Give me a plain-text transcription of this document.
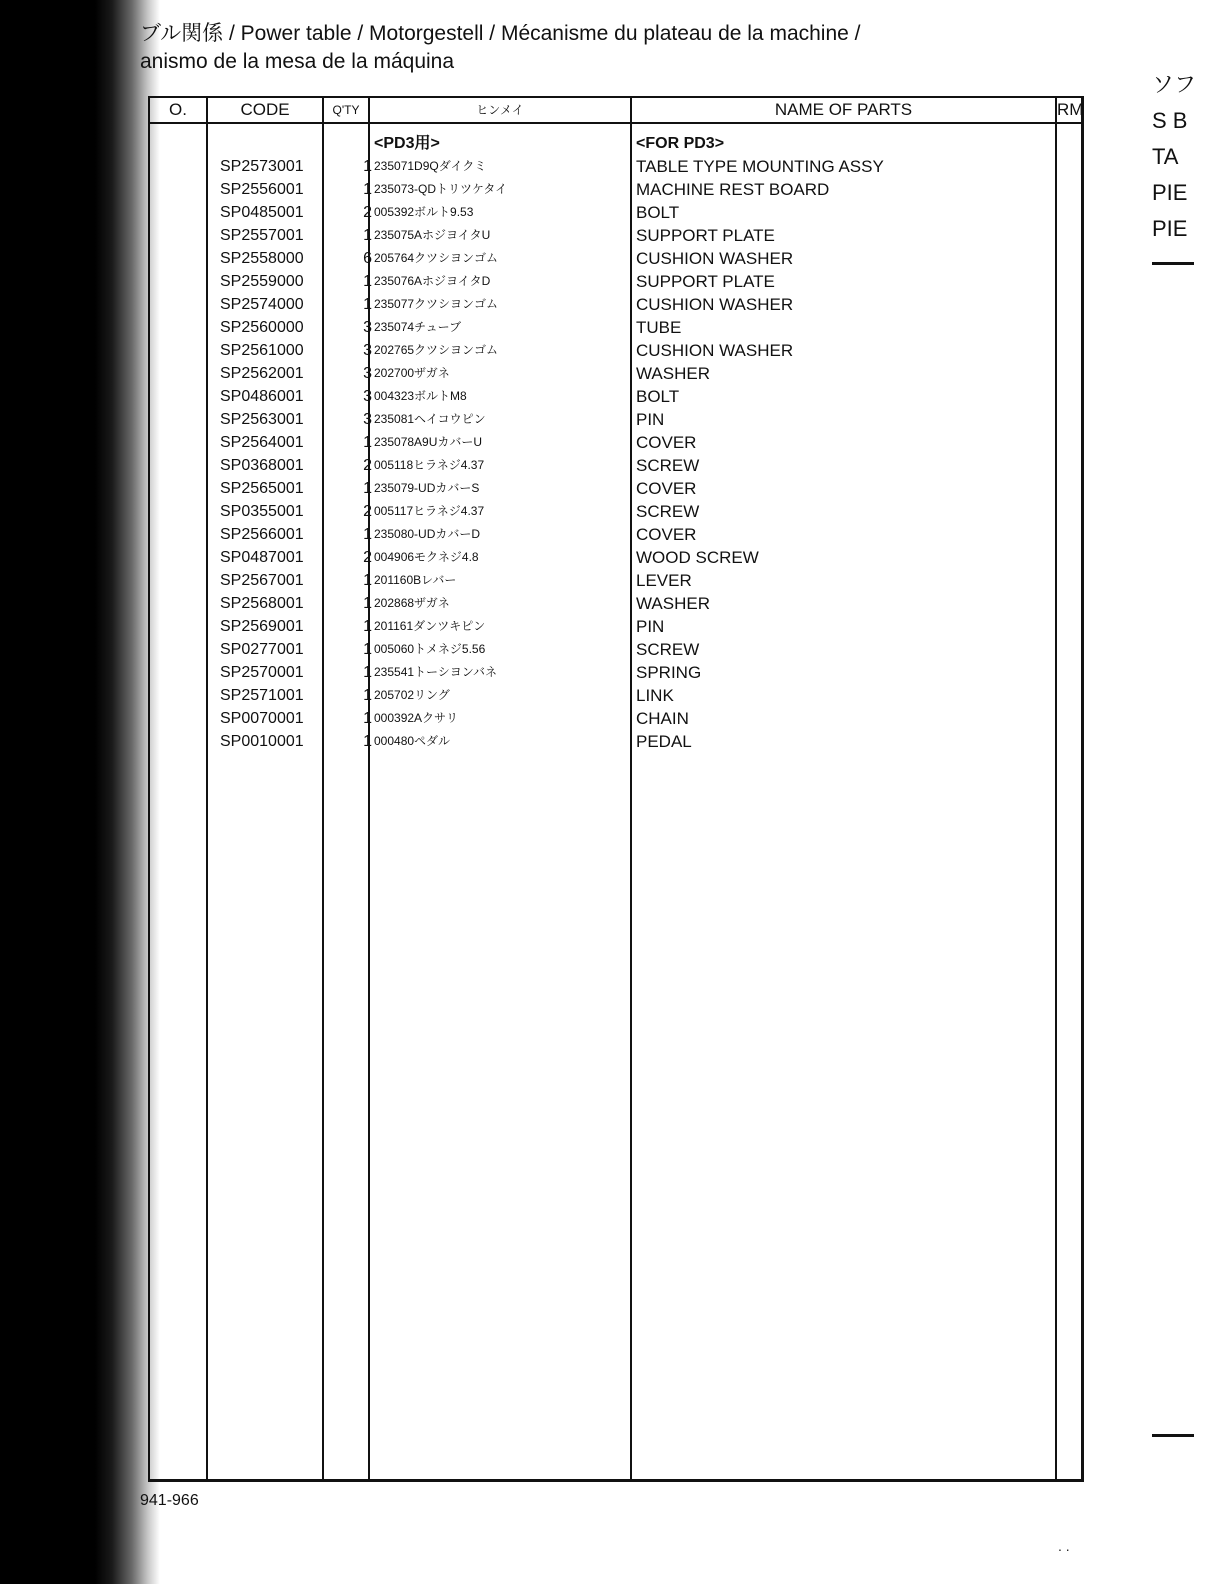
ブル関係 / Power table / Motorgestell / Mécanisme du plateau de la machine /
anismo de la mesa de la máquina
O.	CODE	Q'TY	ヒンメイ	NAME OF PARTS	RM
<PD3用>	<FOR PD3>
SP2573001	1 235071D9Qダイクミ	TABLE TYPE MOUNTING ASSY
SP2556001	1 235073-QDトリツケタイ	MACHINE REST BOARD
SP0485001	2 005392ボルト9.53	BOLT
SP2557001	1 235075AホジヨイタU	SUPPORT PLATE
SP2558000	6 205764クツシヨンゴム	CUSHION WASHER
SP2559000	1 235076AホジヨイタD	SUPPORT PLATE
SP2574000	1 235077クツシヨンゴム	CUSHION WASHER
SP2560000	3 235074チューブ	TUBE
SP2561000	3 202765クツシヨンゴム	CUSHION WASHER
SP2562001	3 202700ザガネ	WASHER
SP0486001	3 004323ボルトM8	BOLT
SP2563001	3 235081ヘイコウピン	PIN
SP2564001	1 235078A9UカバーU	COVER
SP0368001	2 005118ヒラネジ4.37	SCREW
SP2565001	1 235079-UDカバーS	COVER
SP0355001	2 005117ヒラネジ4.37	SCREW
SP2566001	1 235080-UDカバーD	COVER
SP0487001	2 004906モクネジ4.8	WOOD SCREW
SP2567001	1 201160Bレバー	LEVER
SP2568001	1 202868ザガネ	WASHER
SP2569001	1 201161ダンツキピン	PIN
SP0277001	1 005060トメネジ5.56	SCREW
SP2570001	1 235541トーシヨンバネ	SPRING
SP2571001	1 205702リング	LINK
SP0070001	1 000392Aクサリ	CHAIN
SP0010001	1 000480ペダル	PEDAL
ソフ
S B
TA
PIE
PIE
941-966
. .
